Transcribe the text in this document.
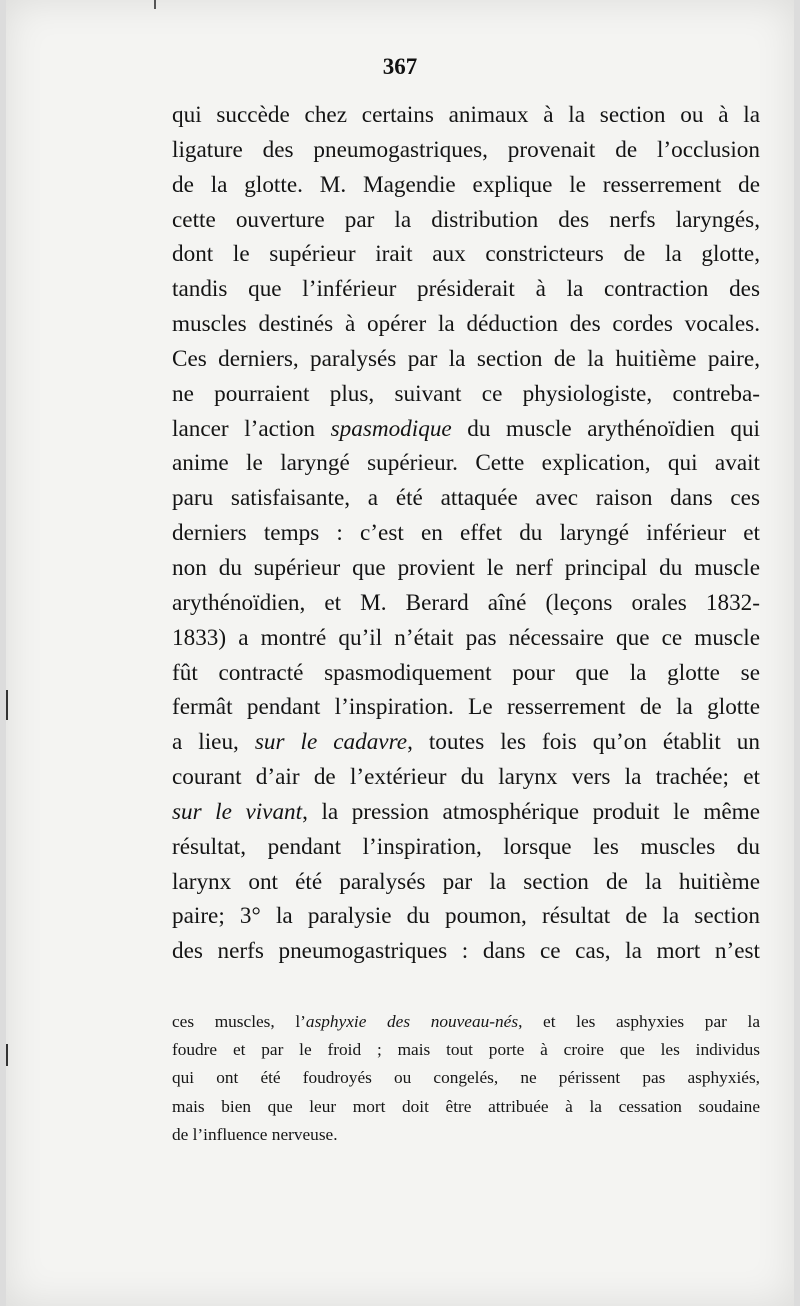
367
qui succède chez certains animaux à la section ou à la
ligature des pneumogastriques, provenait de l’occlusion
de la glotte. M. Magendie explique le resserrement de
cette ouverture par la distribution des nerfs laryngés,
dont le supérieur irait aux constricteurs de la glotte,
tandis que l’inférieur présiderait à la contraction des
muscles destinés à opérer la déduction des cordes vocales.
Ces derniers, paralysés par la section de la huitième paire,
ne pourraient plus, suivant ce physiologiste, contreba-
lancer l’action spasmodique du muscle arythénoïdien qui
anime le laryngé supérieur. Cette explication, qui avait
paru satisfaisante, a été attaquée avec raison dans ces
derniers temps : c’est en effet du laryngé inférieur et
non du supérieur que provient le nerf principal du muscle
arythénoïdien, et M. Berard aîné (leçons orales 1832-
1833) a montré qu’il n’était pas nécessaire que ce muscle
fût contracté spasmodiquement pour que la glotte se
fermât pendant l’inspiration. Le resserrement de la glotte
a lieu, sur le cadavre, toutes les fois qu’on établit un
courant d’air de l’extérieur du larynx vers la trachée; et
sur le vivant, la pression atmosphérique produit le même
résultat, pendant l’inspiration, lorsque les muscles du
larynx ont été paralysés par la section de la huitième
paire; 3° la paralysie du poumon, résultat de la section
des nerfs pneumogastriques : dans ce cas, la mort n’est
ces muscles, l’asphyxie des nouveau-nés, et les asphyxies par la
foudre et par le froid ; mais tout porte à croire que les individus
qui ont été foudroyés ou congelés, ne périssent pas asphyxiés,
mais bien que leur mort doit être attribuée à la cessation soudaine
de l’influence nerveuse.
